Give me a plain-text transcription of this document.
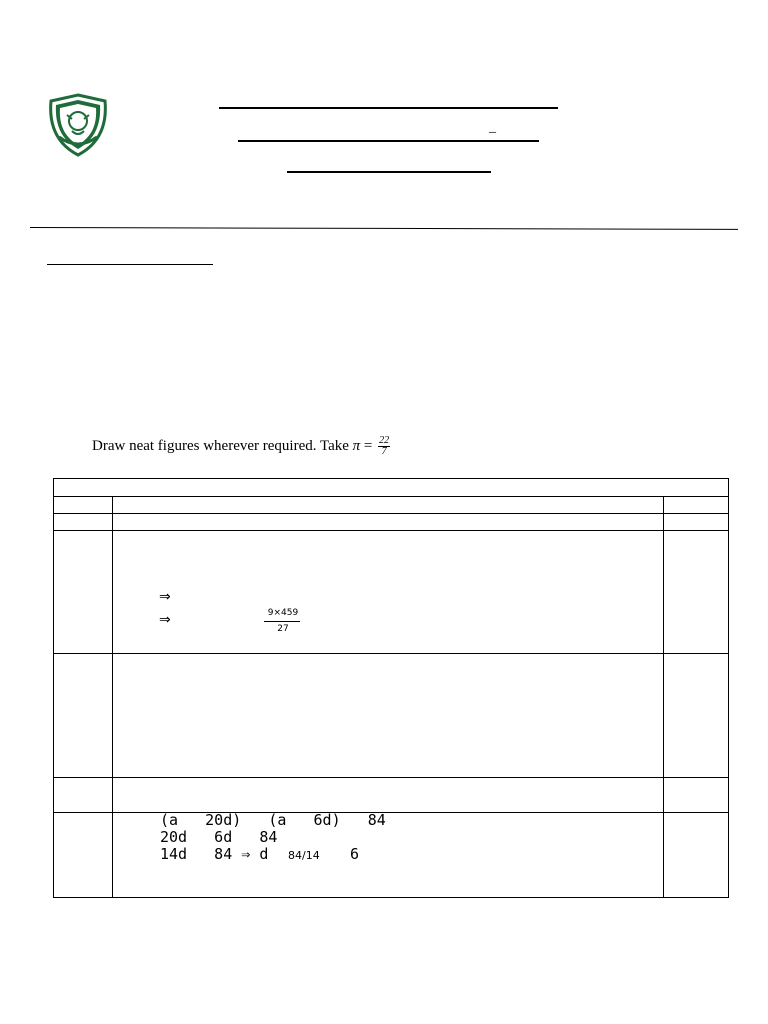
_
Draw neat figures wherever required. Take $\pi = \frac{22}{7}$
⇒
⇒	9×459
27
(a   20d)   (a   6d)   84
20d   6d   84
14d   84 ⇒ d 84/14 6
